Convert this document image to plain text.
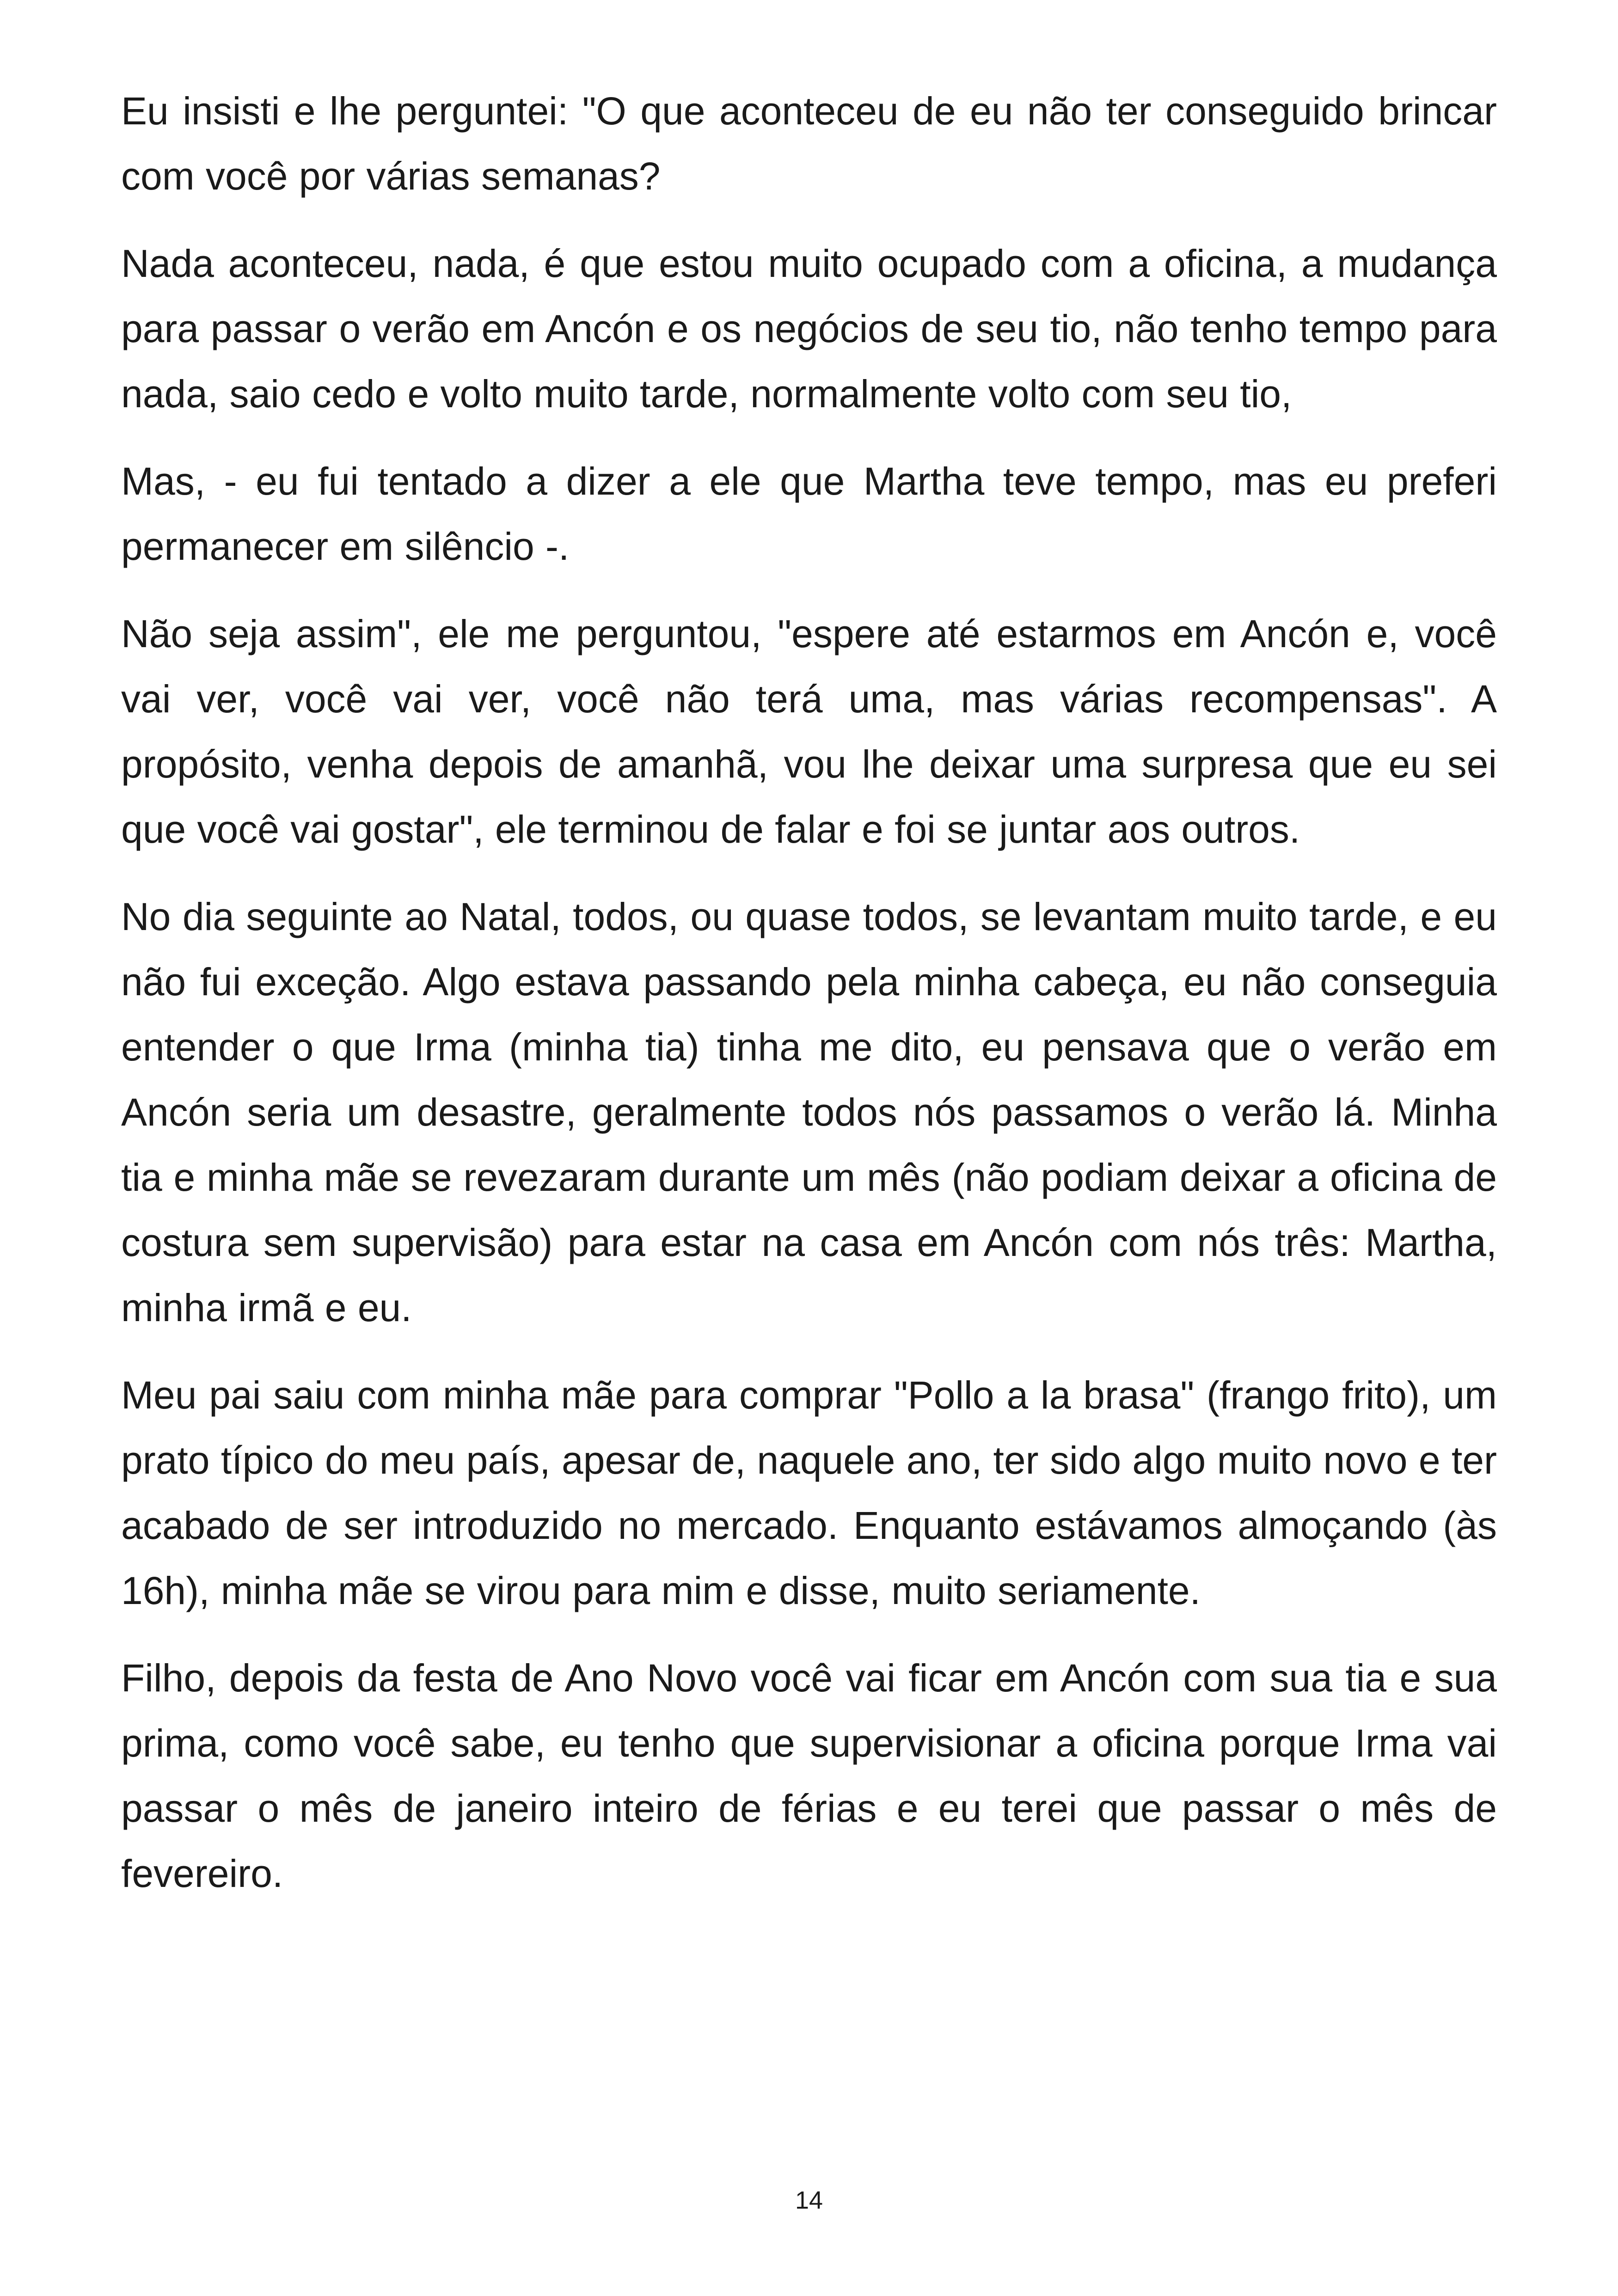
Eu insisti e lhe perguntei: "O que aconteceu de eu não ter conseguido brincar com você por várias semanas?

Nada aconteceu, nada, é que estou muito ocupado com a oficina, a mudança para passar o verão em Ancón e os negócios de seu tio, não tenho tempo para nada, saio cedo e volto muito tarde, normalmente volto com seu tio,

Mas, - eu fui tentado a dizer a ele que Martha teve tempo, mas eu preferi permanecer em silêncio -.

Não seja assim", ele me perguntou, "espere até estarmos em Ancón e, você vai ver, você vai ver, você não terá uma, mas várias recompensas". A propósito, venha depois de amanhã, vou lhe deixar uma surpresa que eu sei que você vai gostar", ele terminou de falar e foi se juntar aos outros.

No dia seguinte ao Natal, todos, ou quase todos, se levantam muito tarde, e eu não fui exceção. Algo estava passando pela minha cabeça, eu não conseguia entender o que Irma (minha tia) tinha me dito, eu pensava que o verão em Ancón seria um desastre, geralmente todos nós passamos o verão lá. Minha tia e minha mãe se revezaram durante um mês (não podiam deixar a oficina de costura sem supervisão) para estar na casa em Ancón com nós três: Martha, minha irmã e eu.

Meu pai saiu com minha mãe para comprar "Pollo a la brasa" (frango frito), um prato típico do meu país, apesar de, naquele ano, ter sido algo muito novo e ter acabado de ser introduzido no mercado. Enquanto estávamos almoçando (às 16h), minha mãe se virou para mim e disse, muito seriamente.

Filho, depois da festa de Ano Novo você vai ficar em Ancón com sua tia e sua prima, como você sabe, eu tenho que supervisionar a oficina porque Irma vai passar o mês de janeiro inteiro de férias e eu terei que passar o mês de fevereiro.

14
